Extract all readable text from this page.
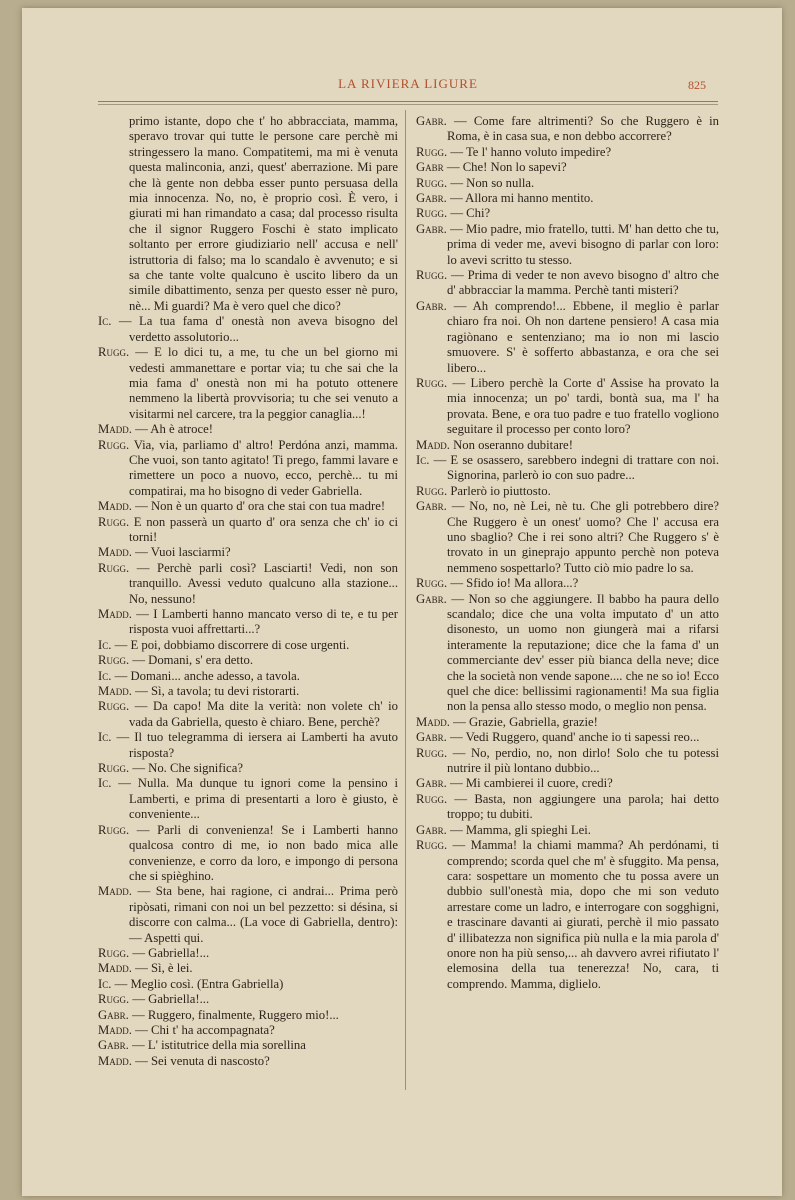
LA RIVIERA LIGURE	825

primo istante, dopo che t' ho abbracciata, mamma, speravo trovar qui tutte le persone care perchè mi stringessero la mano. Compatitemi, ma mi è venuta questa malinconia, anzi, quest' aberrazione. Mi pare che là gente non debba esser punto persuasa della mia innocenza. No, no, è proprio così. È vero, i giurati mi han rimandato a casa; dal processo risulta che il signor Ruggero Foschi è stato implicato soltanto per errore giudiziario nell' accusa e nell' istruttoria di falso; ma lo scandalo è avvenuto; e si sa che tante volte qualcuno è uscito libero da un simile dibattimento, senza per questo esser nè puro, nè... Mi guardi? Ma è vero quel che dico?

Ic. — La tua fama d' onestà non aveva bisogno del verdetto assolutorio...

Rugg. — E lo dici tu, a me, tu che un bel giorno mi vedesti ammanettare e portar via; tu che sai che la mia fama d' onestà non mi ha potuto ottenere nemmeno la libertà provvisoria; tu che sei venuto a visitarmi nel carcere, tra la peggior canaglia...!

Madd. — Ah è atroce!

Rugg. Via, via, parliamo d' altro! Perdóna anzi, mamma. Che vuoi, son tanto agitato! Ti prego, fammi lavare e rimettere un poco a nuovo, ecco, perchè... tu mi compatirai, ma ho bisogno di veder Gabriella.

Madd. — Non è un quarto d' ora che stai con tua madre!

Rugg. E non passerà un quarto d' ora senza che ch' io ci torni!

Madd. — Vuoi lasciarmi?

Rugg. — Perchè parli così? Lasciarti! Vedi, non son tranquillo. Avessi veduto qualcuno alla stazione... No, nessuno!

Madd. — I Lamberti hanno mancato verso di te, e tu per risposta vuoi affrettarti...?

Ic. — E poi, dobbiamo discorrere di cose urgenti.

Rugg. — Domani, s' era detto.

Ic. — Domani... anche adesso, a tavola.

Madd. — Sì, a tavola; tu devi ristorarti.

Rugg. — Da capo! Ma dite la verità: non volete ch' io vada da Gabriella, questo è chiaro. Bene, perchè?

Ic. — Il tuo telegramma di iersera ai Lamberti ha avuto risposta?

Rugg. — No. Che significa?

Ic. — Nulla. Ma dunque tu ignori come la pensino i Lamberti, e prima di presentarti a loro è giusto, è conveniente...

Rugg. — Parli di convenienza! Se i Lamberti hanno qualcosa contro di me, io non bado mica alle convenienze, e corro da loro, e impongo di persona che si spièghino.

Madd. — Sta bene, hai ragione, ci andrai... Prima però ripòsati, rimani con noi un bel pezzetto: si désina, si discorre con calma... (La voce di Gabriella, dentro): — Aspetti qui.

Rugg. — Gabriella!...

Madd. — Sì, è lei.

Ic. — Meglio così. (Entra Gabriella)

Rugg. — Gabriella!...

Gabr. — Ruggero, finalmente, Ruggero mio!...

Madd. — Chi t' ha accompagnata?

Gabr. — L' istitutrice della mia sorellina

Madd. — Sei venuta di nascosto?

Gabr. — Come fare altrimenti? So che Ruggero è in Roma, è in casa sua, e non debbo accorrere?

Rugg. — Te l' hanno voluto impedire?

Gabr — Che! Non lo sapevi?

Rugg. — Non so nulla.

Gabr. — Allora mi hanno mentito.

Rugg. — Chi?

Gabr. — Mio padre, mio fratello, tutti. M' han detto che tu, prima di veder me, avevi bisogno di parlar con loro: lo avevi scritto tu stesso.

Rugg. — Prima di veder te non avevo bisogno d' altro che d' abbracciar la mamma. Perchè tanti misteri?

Gabr. — Ah comprendo!... Ebbene, il meglio è parlar chiaro fra noi. Oh non dartene pensiero! A casa mia ragiònano e sentenziano; ma io non mi lascio smuovere. S' è sofferto abbastanza, e ora che sei libero...

Rugg. — Libero perchè la Corte d' Assise ha provato la mia innocenza; un po' tardi, bontà sua, ma l' ha provata. Bene, e ora tuo padre e tuo fratello vogliono seguitare il processo per conto loro?

Madd. Non oseranno dubitare!

Ic. — E se osassero, sarebbero indegni di trattare con noi. Signorina, parlerò io con suo padre...

Rugg. Parlerò io piuttosto.

Gabr. — No, no, nè Lei, nè tu. Che gli potrebbero dire? Che Ruggero è un onest' uomo? Che l' accusa era uno sbaglio? Che i rei sono altri? Che Ruggero s' è trovato in un gineprajo appunto perchè non poteva nemmeno sospettarlo? Tutto ciò mio padre lo sa.

Rugg. — Sfido io! Ma allora...?

Gabr. — Non so che aggiungere. Il babbo ha paura dello scandalo; dice che una volta imputato d' un atto disonesto, un uomo non giungerà mai a rifarsi interamente la reputazione; dice che la fama d' un commerciante dev' esser più bianca della neve; dice che la società non vende sapone.... che ne so io! Ecco quel che dice: bellissimi ragionamenti! Ma sua figlia non la pensa allo stesso modo, o meglio non pensa.

Madd. — Grazie, Gabriella, grazie!

Gabr. — Vedi Ruggero, quand' anche io ti sapessi reo...

Rugg. — No, perdio, no, non dirlo! Solo che tu potessi nutrire il più lontano dubbio...

Gabr. — Mi cambierei il cuore, credi?

Rugg. — Basta, non aggiungere una parola; hai detto troppo; tu dubiti.

Gabr. — Mamma, gli spieghi Lei.

Rugg. — Mamma! la chiami mamma? Ah perdónami, ti comprendo; scorda quel che m' è sfuggito. Ma pensa, cara: sospettare un momento che tu possa avere un dubbio sull'onestà mia, dopo che mi son veduto arrestare come un ladro, e interrogare con sogghigni, e trascinare davanti ai giurati, perchè il mio passato d' illibatezza non significa più nulla e la mia parola d' onore non ha più senso,... ah davvero avrei rifiutato l' elemosina della tua tenerezza! No, cara, ti comprendo. Mamma, diglielo.
